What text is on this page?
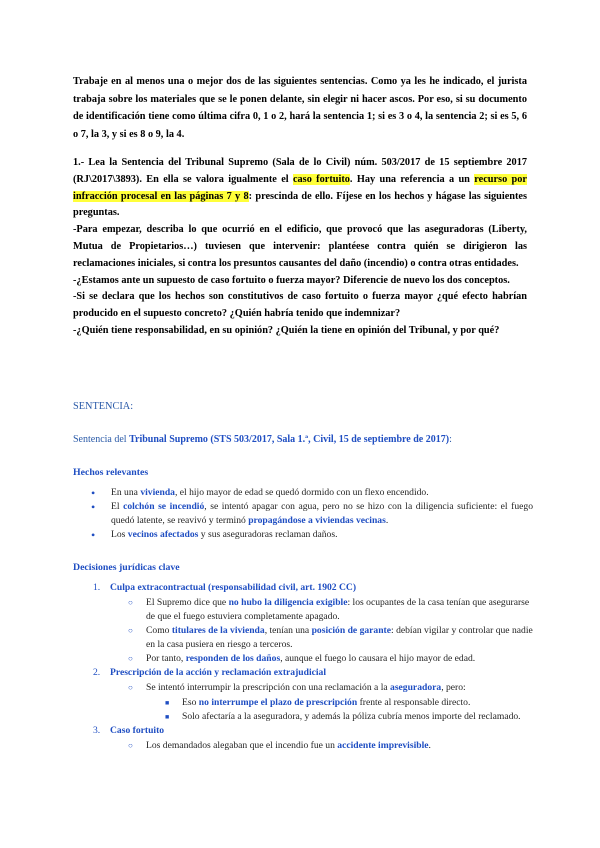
Trabaje en al menos una o mejor dos de las siguientes sentencias. Como ya les he indicado, el jurista trabaja sobre los materiales que se le ponen delante, sin elegir ni hacer ascos. Por eso, si su documento de identificación tiene como última cifra 0, 1 o 2, hará la sentencia 1; si es 3 o 4, la sentencia 2; si es 5, 6 o 7, la 3, y si es 8 o 9, la 4.

1.- Lea la Sentencia del Tribunal Supremo (Sala de lo Civil) núm. 503/2017 de 15 septiembre 2017 (RJ\2017\3893). En ella se valora igualmente el caso fortuito. Hay una referencia a un recurso por infracción procesal en las páginas 7 y 8: prescinda de ello. Fíjese en los hechos y hágase las siguientes preguntas.

-Para empezar, describa lo que ocurrió en el edificio, que provocó que las aseguradoras (Liberty, Mutua de Propietarios…) tuviesen que intervenir: plantéese contra quién se dirigieron las reclamaciones iniciales, si contra los presuntos causantes del daño (incendio) o contra otras entidades.

-¿Estamos ante un supuesto de caso fortuito o fuerza mayor? Diferencie de nuevo los dos conceptos.

-Si se declara que los hechos son constitutivos de caso fortuito o fuerza mayor ¿qué efecto habrían producido en el supuesto concreto? ¿Quién habría tenido que indemnizar?

-¿Quién tiene responsabilidad, en su opinión? ¿Quién la tiene en opinión del Tribunal, y por qué?

SENTENCIA:

Sentencia del Tribunal Supremo (STS 503/2017, Sala 1.ª, Civil, 15 de septiembre de 2017):

Hechos relevantes

• En una vivienda, el hijo mayor de edad se quedó dormido con un flexo encendido.
• El colchón se incendió, se intentó apagar con agua, pero no se hizo con la diligencia suficiente: el fuego quedó latente, se reavivó y terminó propagándose a viviendas vecinas.
• Los vecinos afectados y sus aseguradoras reclaman daños.

Decisiones jurídicas clave

1. Culpa extracontractual (responsabilidad civil, art. 1902 CC)
○ El Supremo dice que no hubo la diligencia exigible: los ocupantes de la casa tenían que asegurarse de que el fuego estuviera completamente apagado.
○ Como titulares de la vivienda, tenían una posición de garante: debían vigilar y controlar que nadie en la casa pusiera en riesgo a terceros.
○ Por tanto, responden de los daños, aunque el fuego lo causara el hijo mayor de edad.
2. Prescripción de la acción y reclamación extrajudicial
○ Se intentó interrumpir la prescripción con una reclamación a la aseguradora, pero:
■ Eso no interrumpe el plazo de prescripción frente al responsable directo.
■ Solo afectaría a la aseguradora, y además la póliza cubría menos importe del reclamado.
3. Caso fortuito
○ Los demandados alegaban que el incendio fue un accidente imprevisible.
